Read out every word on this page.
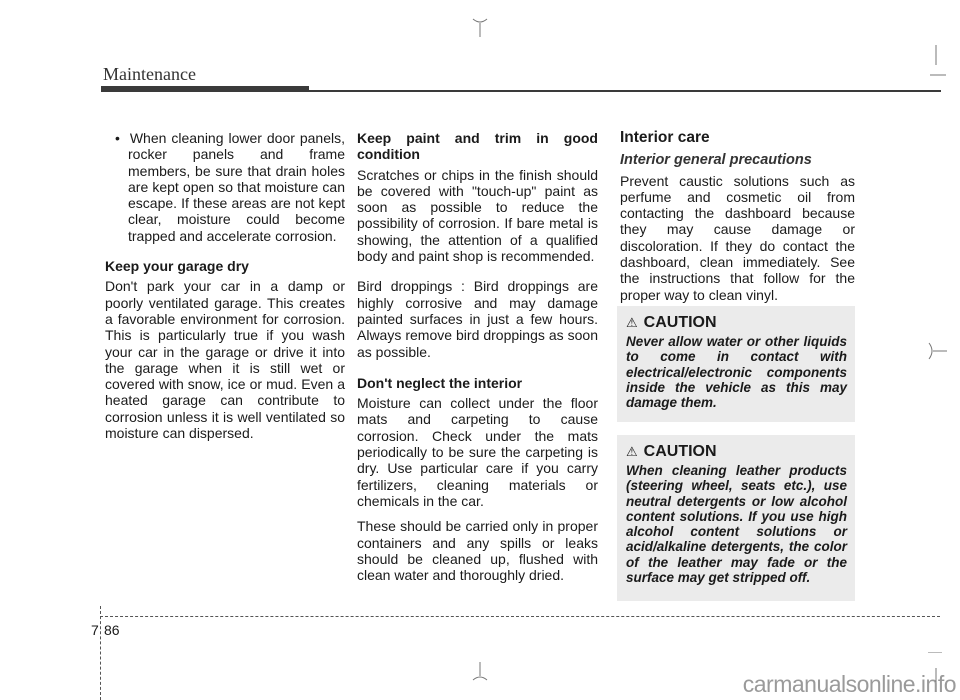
Maintenance

•  When cleaning lower door panels, rocker panels and frame members, be sure that drain holes are kept open so that moisture can escape. If these areas are not kept clear, moisture could become trapped and accelerate corrosion.

Keep your garage dry

Don't park your car in a damp or poorly ventilated garage. This creates a favorable environment for corrosion. This is particularly true if you wash your car in the garage or drive it into the garage when it is still wet or covered with snow, ice or mud. Even a heated garage can contribute to corrosion unless it is well ventilated so moisture can dispersed.

Keep paint and trim in good condition

Scratches or chips in the finish should be covered with "touch-up" paint as soon as possible to reduce the possibility of corrosion. If bare metal is showing, the attention of a qualified body and paint shop is recommended.

Bird droppings : Bird droppings are highly corrosive and may damage painted surfaces in just a few hours. Always remove bird droppings as soon as possible.

Don't neglect the interior

Moisture can collect under the floor mats and carpeting to cause corrosion. Check under the mats periodically to be sure the carpeting is dry. Use particular care if you carry fertilizers, cleaning materials or chemicals in the car.

These should be carried only in proper containers and any spills or leaks should be cleaned up, flushed with clean water and thoroughly dried.

Interior care
Interior general precautions

Prevent caustic solutions such as perfume and cosmetic oil from contacting the dashboard because they may cause damage or discoloration. If they do contact the dashboard, clean immediately. See the instructions that follow for the proper way to clean vinyl.

⚠ CAUTION
Never allow water or other liquids to come in contact with electrical/electronic components inside the vehicle as this may damage them.
⚠ CAUTION
When cleaning leather products (steering wheel, seats etc.), use neutral detergents or low alcohol content solutions. If you use high alcohol content solutions or acid/alkaline detergents, the color of the leather may fade or the surface may get stripped off.
7 86
carmanualsonline.info
